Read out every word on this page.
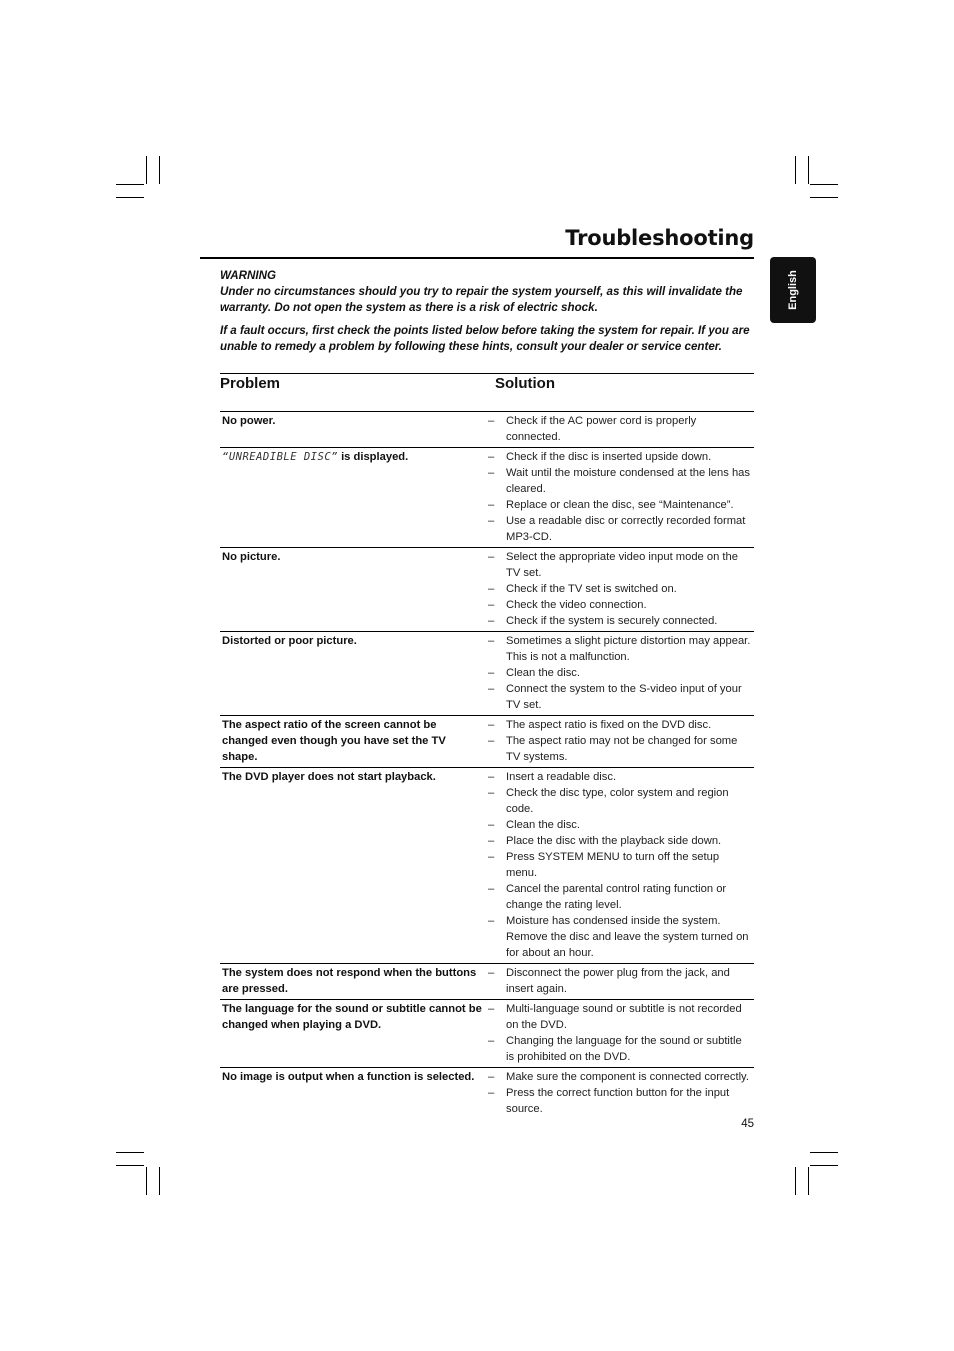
Troubleshooting
English

WARNING

Under no circumstances should you try to repair the system yourself, as this will invalidate the warranty. Do not open the system as there is a risk of electric shock.

If a fault occurs, first check the points listed below before taking the system for repair. If you are unable to remedy a problem by following these hints, consult your dealer or service center.

Problem	Solution
No power.	– Check if the AC power cord is properly connected.
“UNREADIBLE DISC” is displayed.	– Check if the disc is inserted upside down.
– Wait until the moisture condensed at the lens has cleared.
– Replace or clean the disc, see “Maintenance”.
– Use a readable disc or correctly recorded format MP3-CD.
No picture.	– Select the appropriate video input mode on the TV set.
– Check if the TV set is switched on.
– Check the video connection.
– Check if the system is securely connected.
Distorted or poor picture.	– Sometimes a slight picture distortion may appear. This is not a malfunction.
– Clean the disc.
– Connect the system to the S-video input of your TV set.
The aspect ratio of the screen cannot be changed even though you have set the TV shape.
– The aspect ratio is fixed on the DVD disc.
– The aspect ratio may not be changed for some TV systems.
The DVD player does not start playback.	– Insert a readable disc.
– Check the disc type, color system and region code.
– Clean the disc.
– Place the disc with the playback side down.
– Press SYSTEM MENU to turn off the setup menu.
– Cancel the parental control rating function or change the rating level.
– Moisture has condensed inside the system. Remove the disc and leave the system turned on for about an hour.
The system does not respond when the buttons are pressed.
– Disconnect the power plug from the jack, and insert again.
The language for the sound or subtitle cannot be changed when playing a DVD.
– Multi-language sound or subtitle is not recorded on the DVD.
– Changing the language for the sound or subtitle is prohibited on the DVD.
No image is output when a function is selected.	– Make sure the component is connected correctly.
– Press the correct function button for the input source.
45
